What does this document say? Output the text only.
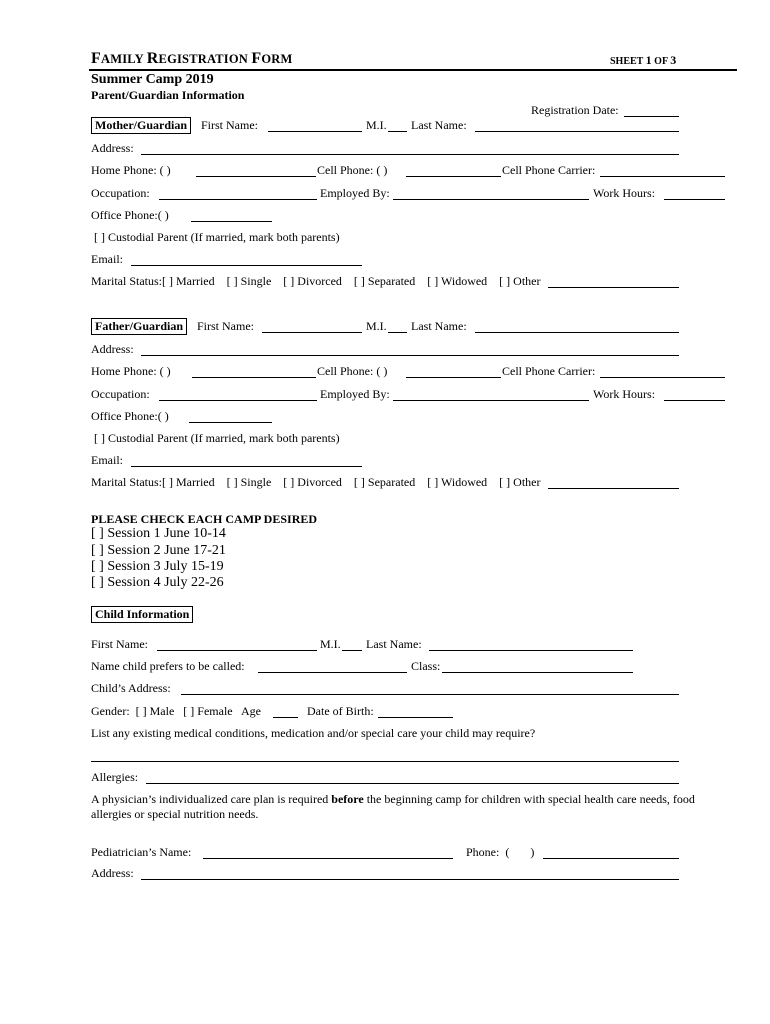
FAMILY REGISTRATION FORM	SHEET 1 OF 3
Summer Camp 2019
Parent/Guardian Information
Registration Date:
Mother/Guardian	First Name:	M.I. Last Name:
Address:
Home Phone: ( )	Cell Phone: ( )	Cell Phone Carrier:
Occupation:	Employed By:	Work Hours:
Office Phone:( )
[ ] Custodial Parent (If married, mark both parents)
Email:
Marital Status:[ ] Married    [ ] Single    [ ] Divorced    [ ] Separated    [ ] Widowed    [ ] Other
Father/Guardian	First Name:	M.I. Last Name:
Address:
Home Phone: ( )	Cell Phone: ( )	Cell Phone Carrier:
Occupation:	Employed By:	Work Hours:
Office Phone:( )
[ ] Custodial Parent (If married, mark both parents)
Email:
Marital Status:[ ] Married    [ ] Single    [ ] Divorced    [ ] Separated    [ ] Widowed    [ ] Other
PLEASE CHECK EACH CAMP DESIRED
[ ] Session 1 June 10-14
[ ] Session 2 June 17-21
[ ] Session 3 July 15-19
[ ] Session 4 July 22-26
Child Information
First Name:	M.I. Last Name:
Name child prefers to be called:	Class:
Child’s Address:
Gender:  [ ] Male   [ ] Female   Age	Date of Birth:
List any existing medical conditions, medication and/or special care your child may require?
Allergies:
A physician’s individualized care plan is required before the beginning camp for children with special health care needs, food allergies or special nutrition needs.
Pediatrician’s Name:	Phone:  (       )
Address:
